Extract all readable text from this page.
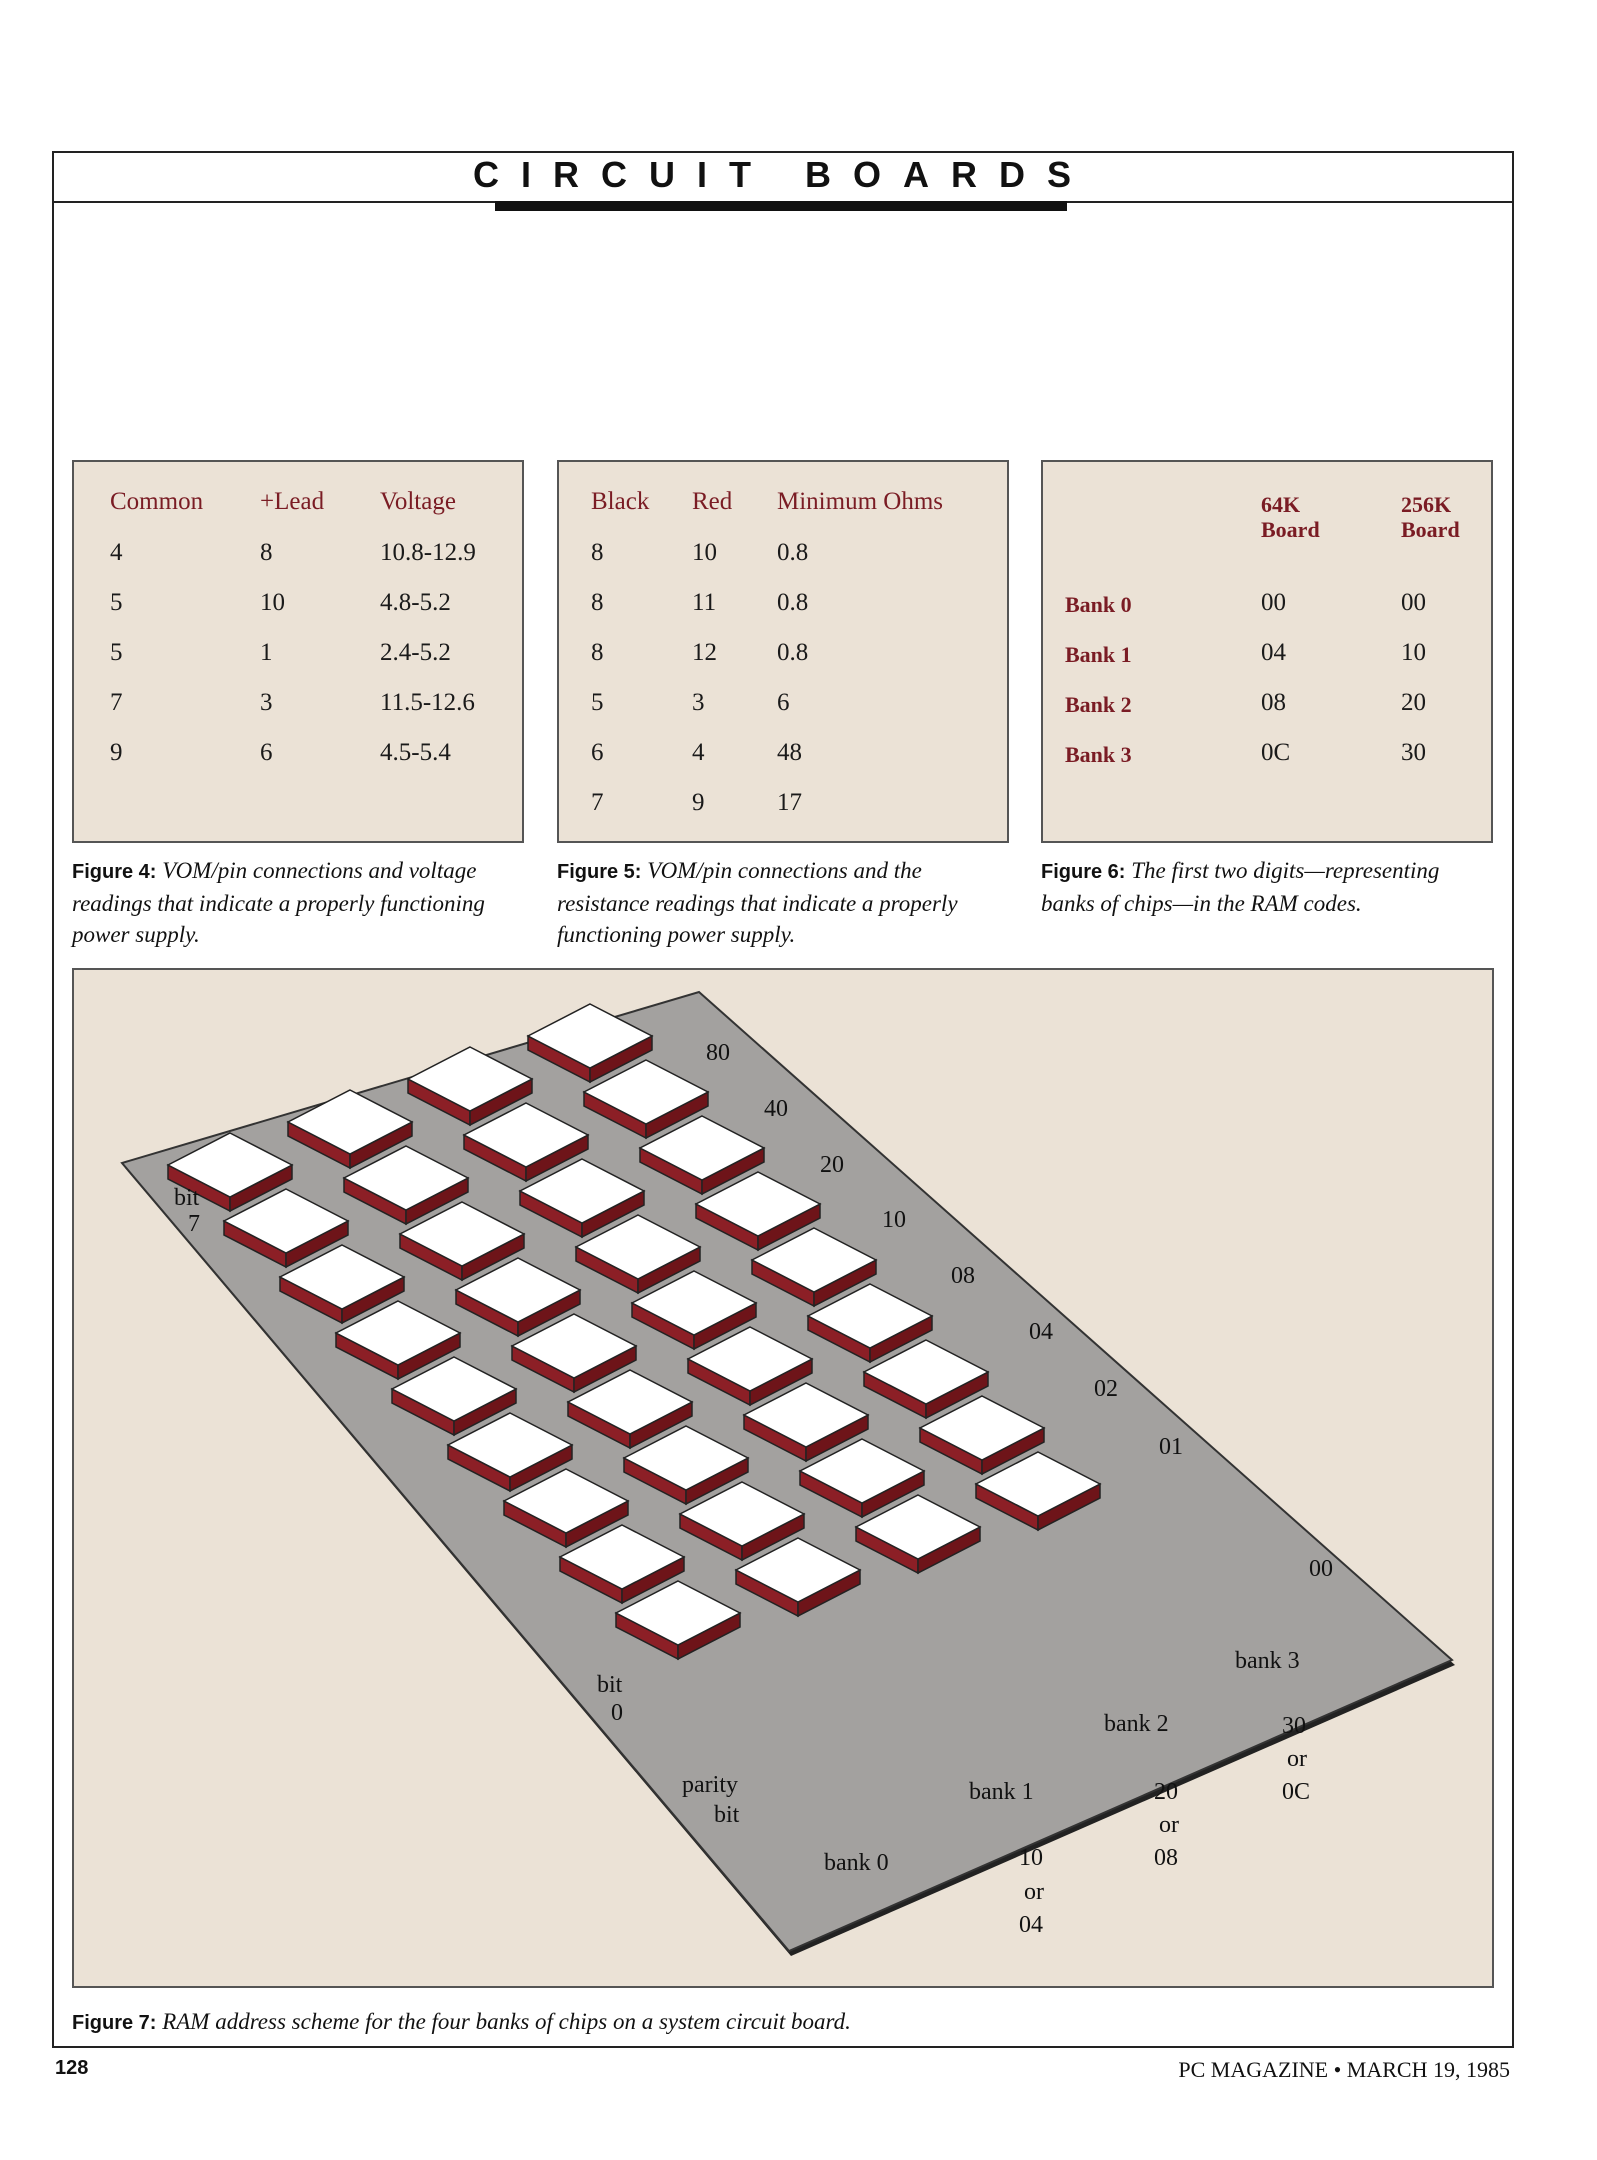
CIRCUIT BOARDS
Common +Lead Voltage
4	8	10.8-12.9
5	10	4.8-5.2
5	1	2.4-5.2
7	3	11.5-12.6
9	6	4.5-5.4
Figure 4: VOM/pin connections and voltage readings that indicate a properly functioning power supply.
Black Red Minimum Ohms
8	10 0.8
8	11 0.8
8	12 0.8
5	3	6
6	4	48
7	9	17
Figure 5: VOM/pin connections and the resistance readings that indicate a properly functioning power supply.
64K
Board
256K
Board
Bank 0	00	00
Bank 1	04	10
Bank 2	08	20
Bank 3	0C	30
Figure 6: The first two digits—representing banks of chips—in the RAM codes.
80
40
20
10
08
04
02
01
00
bit
7
bit
0
parity
bit
bank 0
bank 1
bank 2
bank 3
10
or
04
20
or
08
30
or
0C
Figure 7: RAM address scheme for the four banks of chips on a system circuit board.
128	PC MAGAZINE • MARCH 19, 1985
